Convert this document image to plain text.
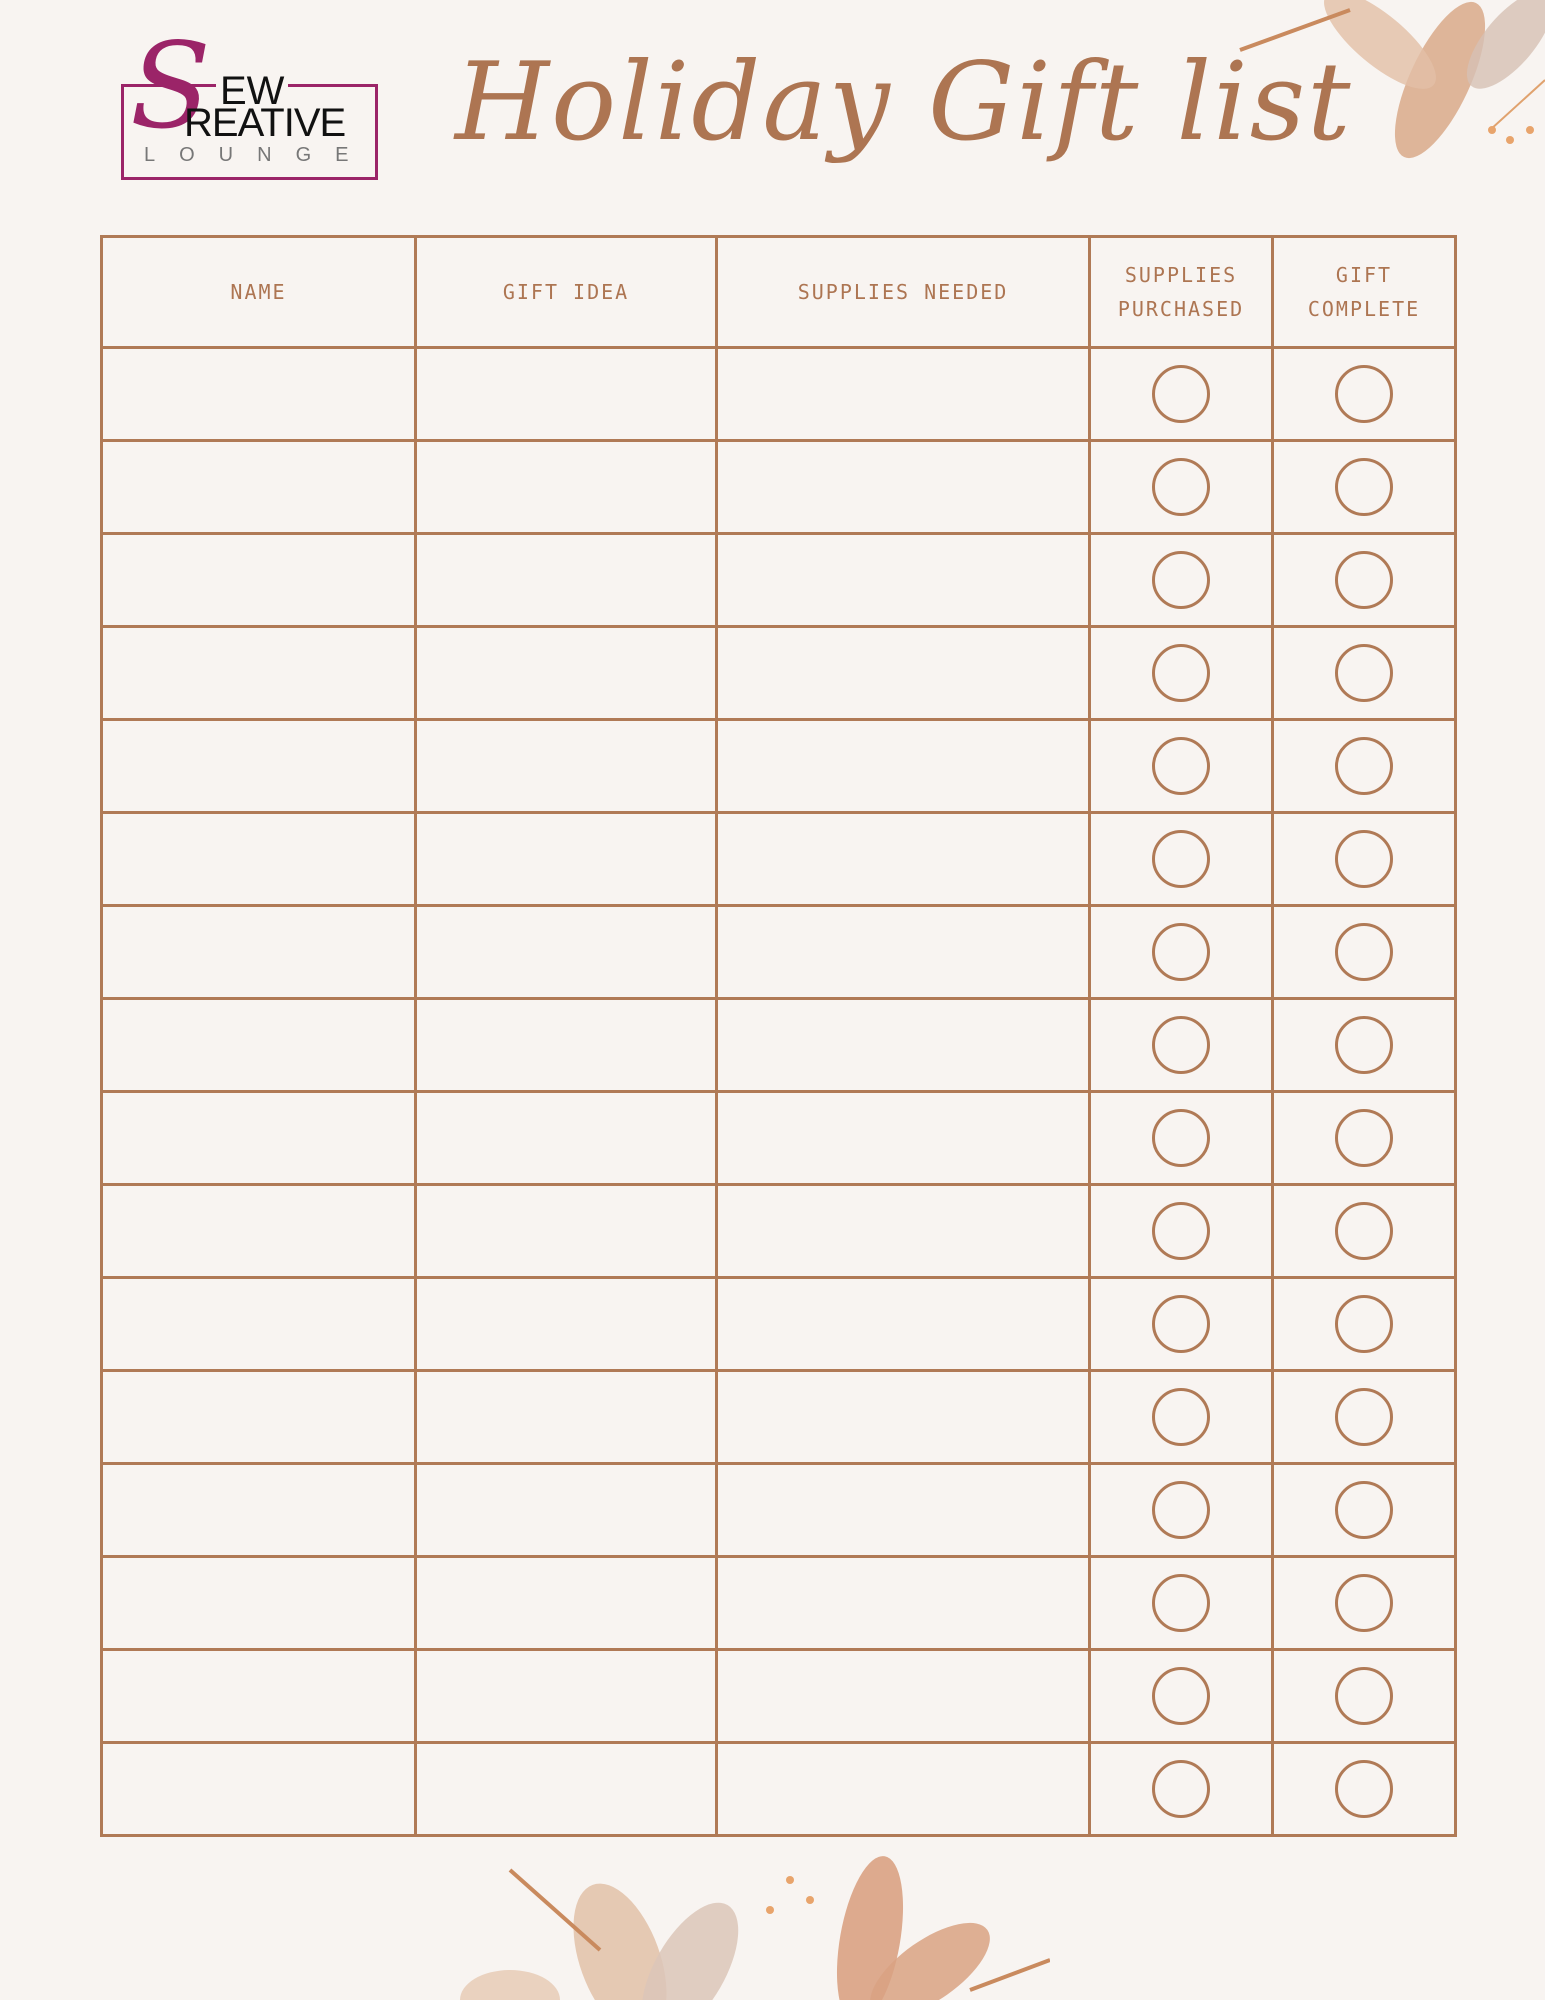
S EW
REATIVE
LOUNGE Holiday Gift list
NAME	GIFT IDEA	SUPPLIES NEEDED	SUPPLIES PURCHASED	GIFT COMPLETE
